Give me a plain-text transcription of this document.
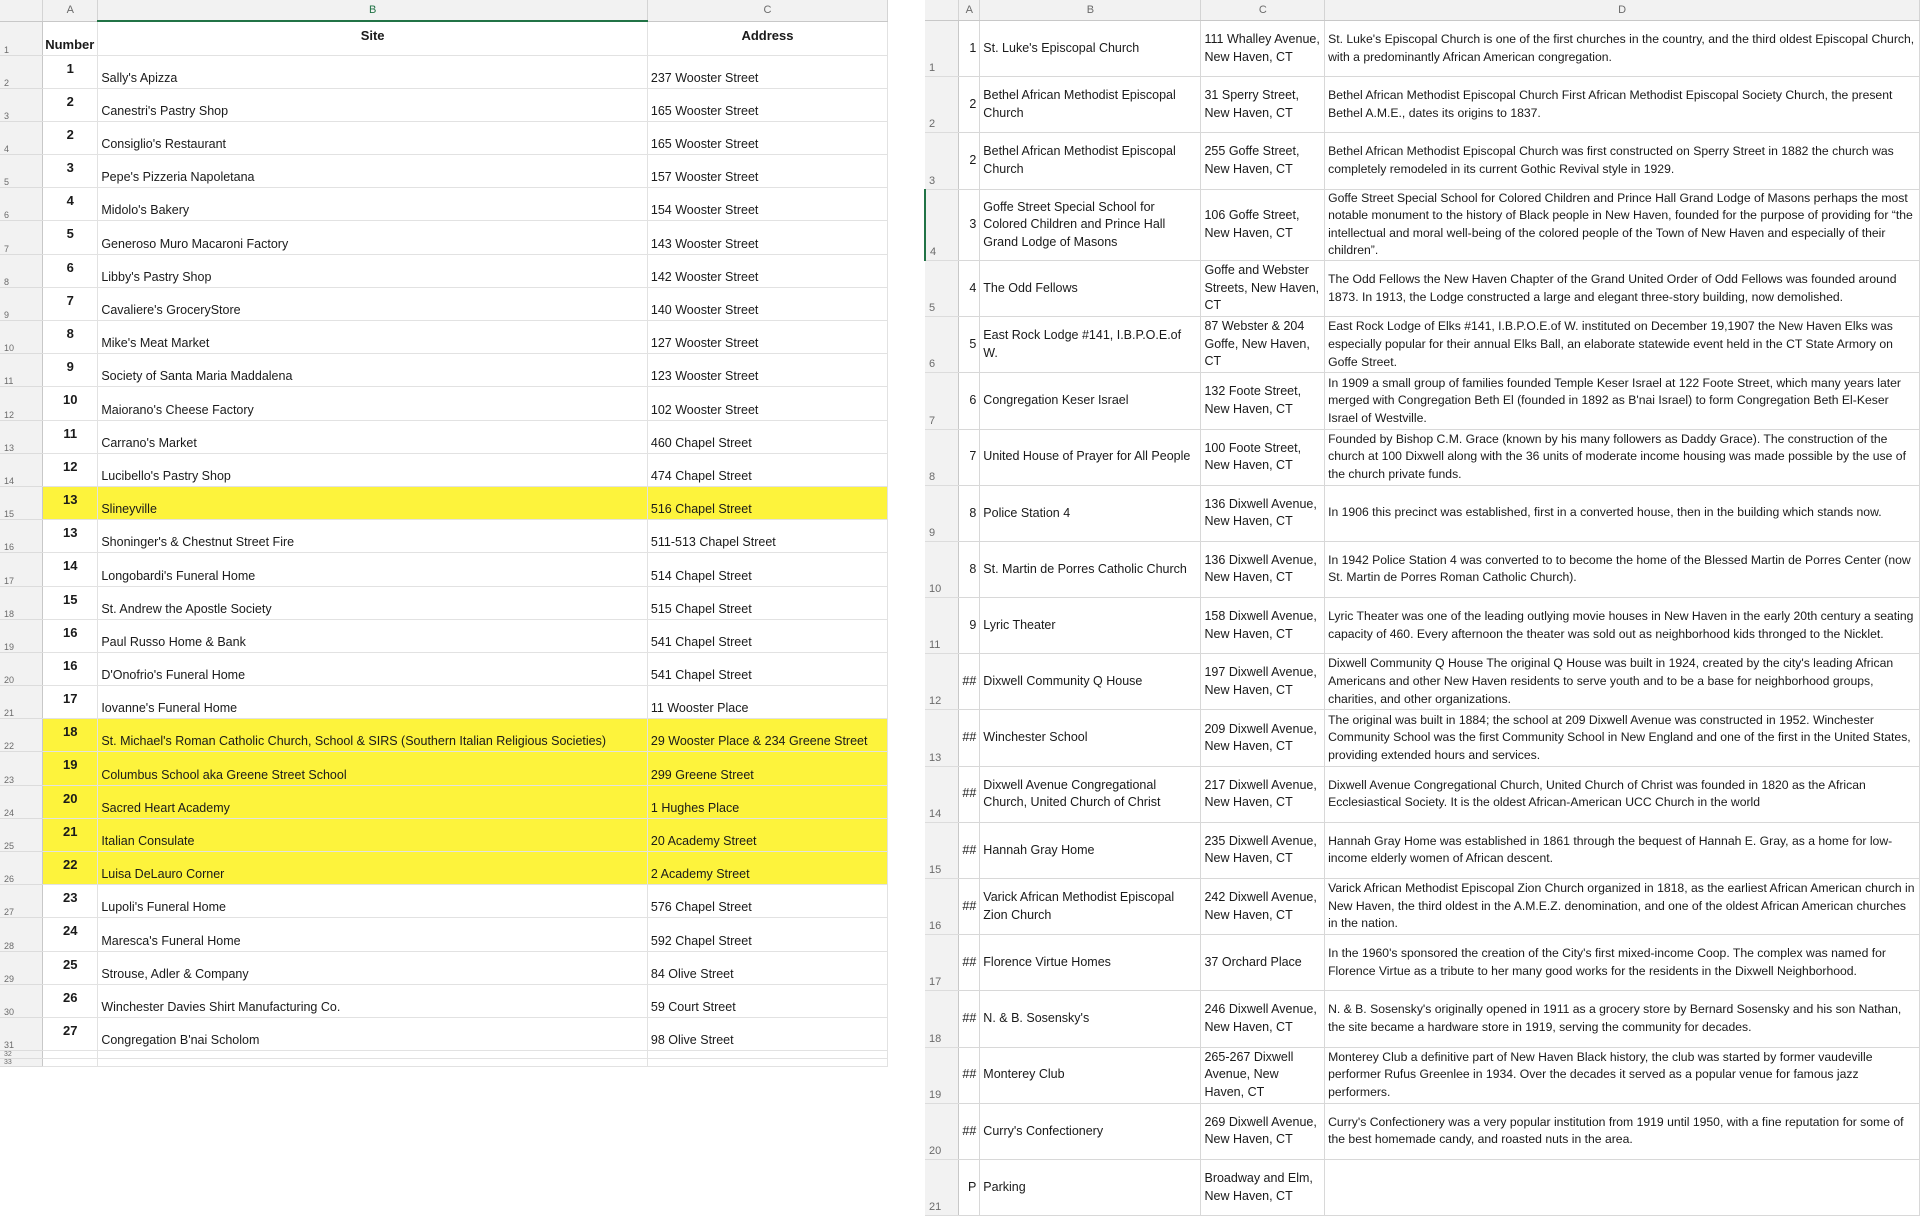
	A	B	C
1	Number	Site	Address
2	1	Sally's Apizza	237 Wooster Street
3	2	Canestri's Pastry Shop	165 Wooster Street
4	2	Consiglio's Restaurant	165 Wooster Street
5	3	Pepe's Pizzeria Napoletana	157 Wooster Street
6	4	Midolo's Bakery	154 Wooster Street
7	5	Generoso Muro Macaroni Factory	143 Wooster Street
8	6	Libby's Pastry Shop	142 Wooster Street
9	7	Cavaliere's GroceryStore	140 Wooster Street
10	8	Mike's Meat Market	127 Wooster Street
11	9	Society of Santa Maria Maddalena	123 Wooster Street
12	10	Maiorano's Cheese Factory	102 Wooster Street
13	11	Carrano's Market	460 Chapel Street
14	12	Lucibello's Pastry Shop	474 Chapel Street
15	13	Slineyville	516 Chapel Street
16	13	Shoninger's & Chestnut Street Fire	511-513 Chapel Street
17	14	Longobardi's Funeral Home	514 Chapel Street
18	15	St. Andrew the Apostle Society	515 Chapel Street
19	16	Paul Russo Home & Bank	541 Chapel Street
20	16	D'Onofrio's Funeral Home	541 Chapel Street
21	17	Iovanne's Funeral Home	11 Wooster Place
22	18	St. Michael's Roman Catholic Church, School & SIRS (Southern Italian Religious Societies)	29 Wooster Place & 234 Greene Street
23	19	Columbus School aka Greene Street School	299 Greene Street
24	20	Sacred Heart Academy	1 Hughes Place
25	21	Italian Consulate	20 Academy Street
26	22	Luisa DeLauro Corner	2 Academy Street
27	23	Lupoli's Funeral Home	576 Chapel Street
28	24	Maresca's Funeral Home	592 Chapel Street
29	25	Strouse, Adler & Company	84 Olive Street
30	26	Winchester Davies Shirt Manufacturing Co.	59 Court Street
31	27	Congregation B'nai Scholom	98 Olive Street
32			
33			
	A	B	C	D
1	1	St. Luke's Episcopal Church	111 Whalley Avenue, New Haven, CT	St. Luke's Episcopal Church is one of the first churches in the country, and the third oldest Episcopal Church, with a predominantly African American congregation.
2	2	Bethel African Methodist Episcopal Church	31 Sperry Street, New Haven, CT	Bethel African Methodist Episcopal Church First African Methodist Episcopal Society Church, the present Bethel A.M.E., dates its origins to 1837.
3	2	Bethel African Methodist Episcopal Church	255 Goffe Street, New Haven, CT	Bethel African Methodist Episcopal Church was first constructed on Sperry Street in 1882 the church was completely remodeled in its current Gothic Revival style in 1929.
4	3	Goffe Street Special School for Colored Children and Prince Hall Grand Lodge of Masons	106 Goffe Street, New Haven, CT	Goffe Street Special School for Colored Children and Prince Hall Grand Lodge of Masons perhaps the most notable monument to the history of Black people in New Haven, founded for the purpose of providing for “the intellectual and moral well-being of the colored people of the Town of New Haven and especially of their children”.
5	4	The Odd Fellows	Goffe and Webster Streets, New Haven, CT	The Odd Fellows the New Haven Chapter of the Grand United Order of Odd Fellows was founded around 1873. In 1913, the Lodge constructed a large and elegant three-story building, now demolished.
6	5	East Rock Lodge #141, I.B.P.O.E.of W.	87 Webster & 204 Goffe, New Haven, CT	East Rock Lodge of Elks #141, I.B.P.O.E.of W. instituted on December 19,1907 the New Haven Elks was especially popular for their annual Elks Ball, an elaborate statewide event held in the CT State Armory on Goffe Street.
7	6	Congregation Keser Israel	132 Foote Street, New Haven, CT	In 1909 a small group of families founded Temple Keser Israel at 122 Foote Street, which many years later merged with Congregation Beth El (founded in 1892 as B'nai Israel) to form Congregation Beth El-Keser Israel of Westville.
8	7	United House of Prayer for All People	100 Foote Street, New Haven, CT	Founded by Bishop C.M. Grace (known by his many followers as Daddy Grace). The construction of the church at 100 Dixwell along with the 36 units of moderate income housing was made possible by the use of the church private funds.
9	8	Police Station 4	136 Dixwell Avenue, New Haven, CT	In 1906 this precinct was established, first in a converted house, then in the building which stands now.
10	8	St. Martin de Porres Catholic Church	136 Dixwell Avenue, New Haven, CT	In 1942 Police Station 4 was converted to to become the home of the Blessed Martin de Porres Center (now St. Martin de Porres Roman Catholic Church).
11	9	Lyric Theater	158 Dixwell Avenue, New Haven, CT	Lyric Theater was one of the leading outlying movie houses in New Haven in the early 20th century a seating capacity of 460. Every afternoon the theater was sold out as neighborhood kids thronged to the Nicklet.
12	##	Dixwell Community Q House	197 Dixwell Avenue, New Haven, CT	Dixwell Community Q House The original Q House was built in 1924, created by the city's leading African Americans and other New Haven residents to serve youth and to be a base for neighborhood groups, charities, and other organizations.
13	##	Winchester School	209 Dixwell Avenue, New Haven, CT	The original was built in 1884; the school at 209 Dixwell Avenue was constructed in 1952. Winchester Community School was the first Community School in New England and one of the first in the United States, providing extended hours and services.
14	##	Dixwell Avenue Congregational Church, United Church of Christ	217 Dixwell Avenue, New Haven, CT	Dixwell Avenue Congregational Church, United Church of Christ was founded in 1820 as the African Ecclesiastical Society. It is the oldest African-American UCC Church in the world
15	##	Hannah Gray Home	235 Dixwell Avenue, New Haven, CT	Hannah Gray Home was established in 1861 through the bequest of Hannah E. Gray, as a home for low-income elderly women of African descent.
16	##	Varick African Methodist Episcopal Zion Church	242 Dixwell Avenue, New Haven, CT	Varick African Methodist Episcopal Zion Church organized in 1818, as the earliest African American church in New Haven, the third oldest in the A.M.E.Z. denomination, and one of the oldest African American churches in the nation.
17	##	Florence Virtue Homes	37 Orchard Place	In the 1960's sponsored the creation of the City's first mixed-income Coop. The complex was named for Florence Virtue as a tribute to her many good works for the residents in the Dixwell Neighborhood.
18	##	N. & B. Sosensky's	246 Dixwell Avenue, New Haven, CT	N. & B. Sosensky's originally opened in 1911 as a grocery store by Bernard Sosensky and his son Nathan, the site became a hardware store in 1919, serving the community for decades.
19	##	Monterey Club	265-267 Dixwell Avenue, New Haven, CT	Monterey Club a definitive part of New Haven Black history, the club was started by former vaudeville performer Rufus Greenlee in 1934. Over the decades it served as a popular venue for famous jazz performers.
20	##	Curry's Confectionery	269 Dixwell Avenue, New Haven, CT	Curry's Confectionery was a very popular institution from 1919 until 1950, with a fine reputation for some of the best homemade candy, and roasted nuts in the area.
21	P	Parking	Broadway and Elm, New Haven, CT	
